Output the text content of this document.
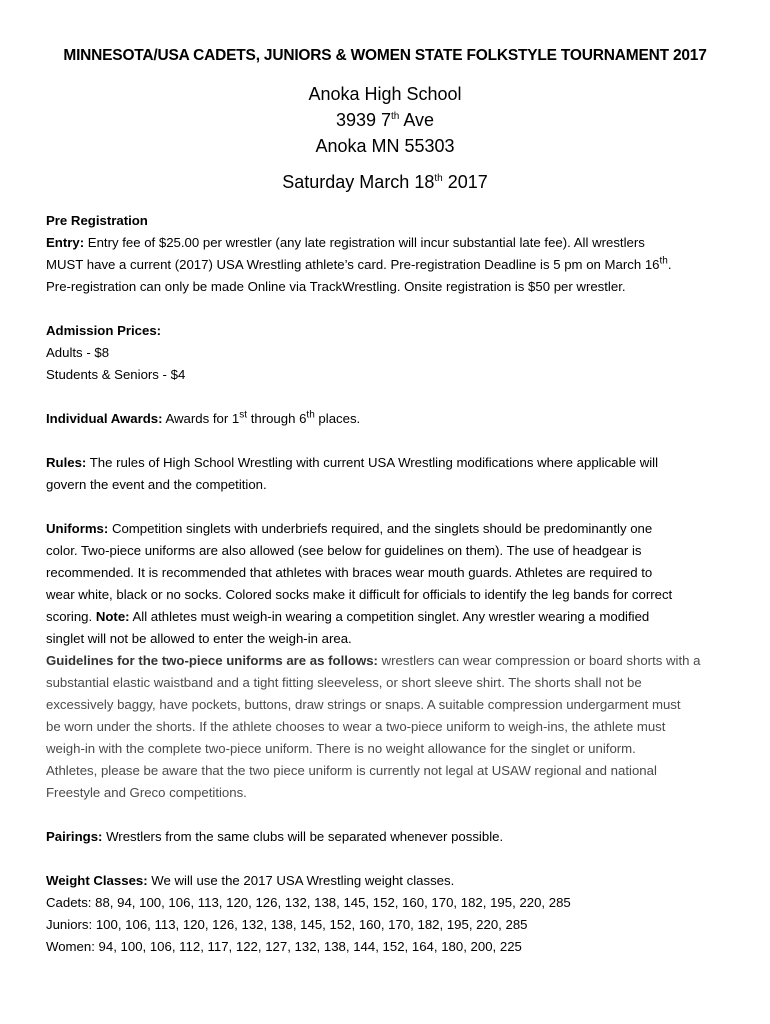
MINNESOTA/USA CADETS, JUNIORS & WOMEN STATE FOLKSTYLE TOURNAMENT 2017
Anoka High School
3939 7th Ave
Anoka MN 55303
Saturday March 18th 2017

Pre Registration

Entry: Entry fee of $25.00 per wrestler (any late registration will incur substantial late fee). All wrestlers

MUST have a current (2017) USA Wrestling athlete’s card. Pre-registration Deadline is 5 pm on March 16th.

Pre-registration can only be made Online via TrackWrestling. Onsite registration is $50 per wrestler.

Admission Prices:

Adults - $8

Students & Seniors - $4

Individual Awards: Awards for 1st through 6th places.

Rules: The rules of High School Wrestling with current USA Wrestling modifications where applicable will

govern the event and the competition.

Uniforms: Competition singlets with underbriefs required, and the singlets should be predominantly one

color. Two-piece uniforms are also allowed (see below for guidelines on them). The use of headgear is

recommended. It is recommended that athletes with braces wear mouth guards. Athletes are required to

wear white, black or no socks. Colored socks make it difficult for officials to identify the leg bands for correct

scoring. Note: All athletes must weigh-in wearing a competition singlet. Any wrestler wearing a modified

singlet will not be allowed to enter the weigh-in area.

Guidelines for the two-piece uniforms are as follows: wrestlers can wear compression or board shorts with a

substantial elastic waistband and a tight fitting sleeveless, or short sleeve shirt. The shorts shall not be

excessively baggy, have pockets, buttons, draw strings or snaps. A suitable compression undergarment must

be worn under the shorts. If the athlete chooses to wear a two-piece uniform to weigh-ins, the athlete must

weigh-in with the complete two-piece uniform. There is no weight allowance for the singlet or uniform.

Athletes, please be aware that the two piece uniform is currently not legal at USAW regional and national

Freestyle and Greco competitions.

Pairings: Wrestlers from the same clubs will be separated whenever possible.

Weight Classes: We will use the 2017 USA Wrestling weight classes.

Cadets: 88, 94, 100, 106, 113, 120, 126, 132, 138, 145, 152, 160, 170, 182, 195, 220, 285

Juniors: 100, 106, 113, 120, 126, 132, 138, 145, 152, 160, 170, 182, 195, 220, 285

Women: 94, 100, 106, 112, 117, 122, 127, 132, 138, 144, 152, 164, 180, 200, 225
